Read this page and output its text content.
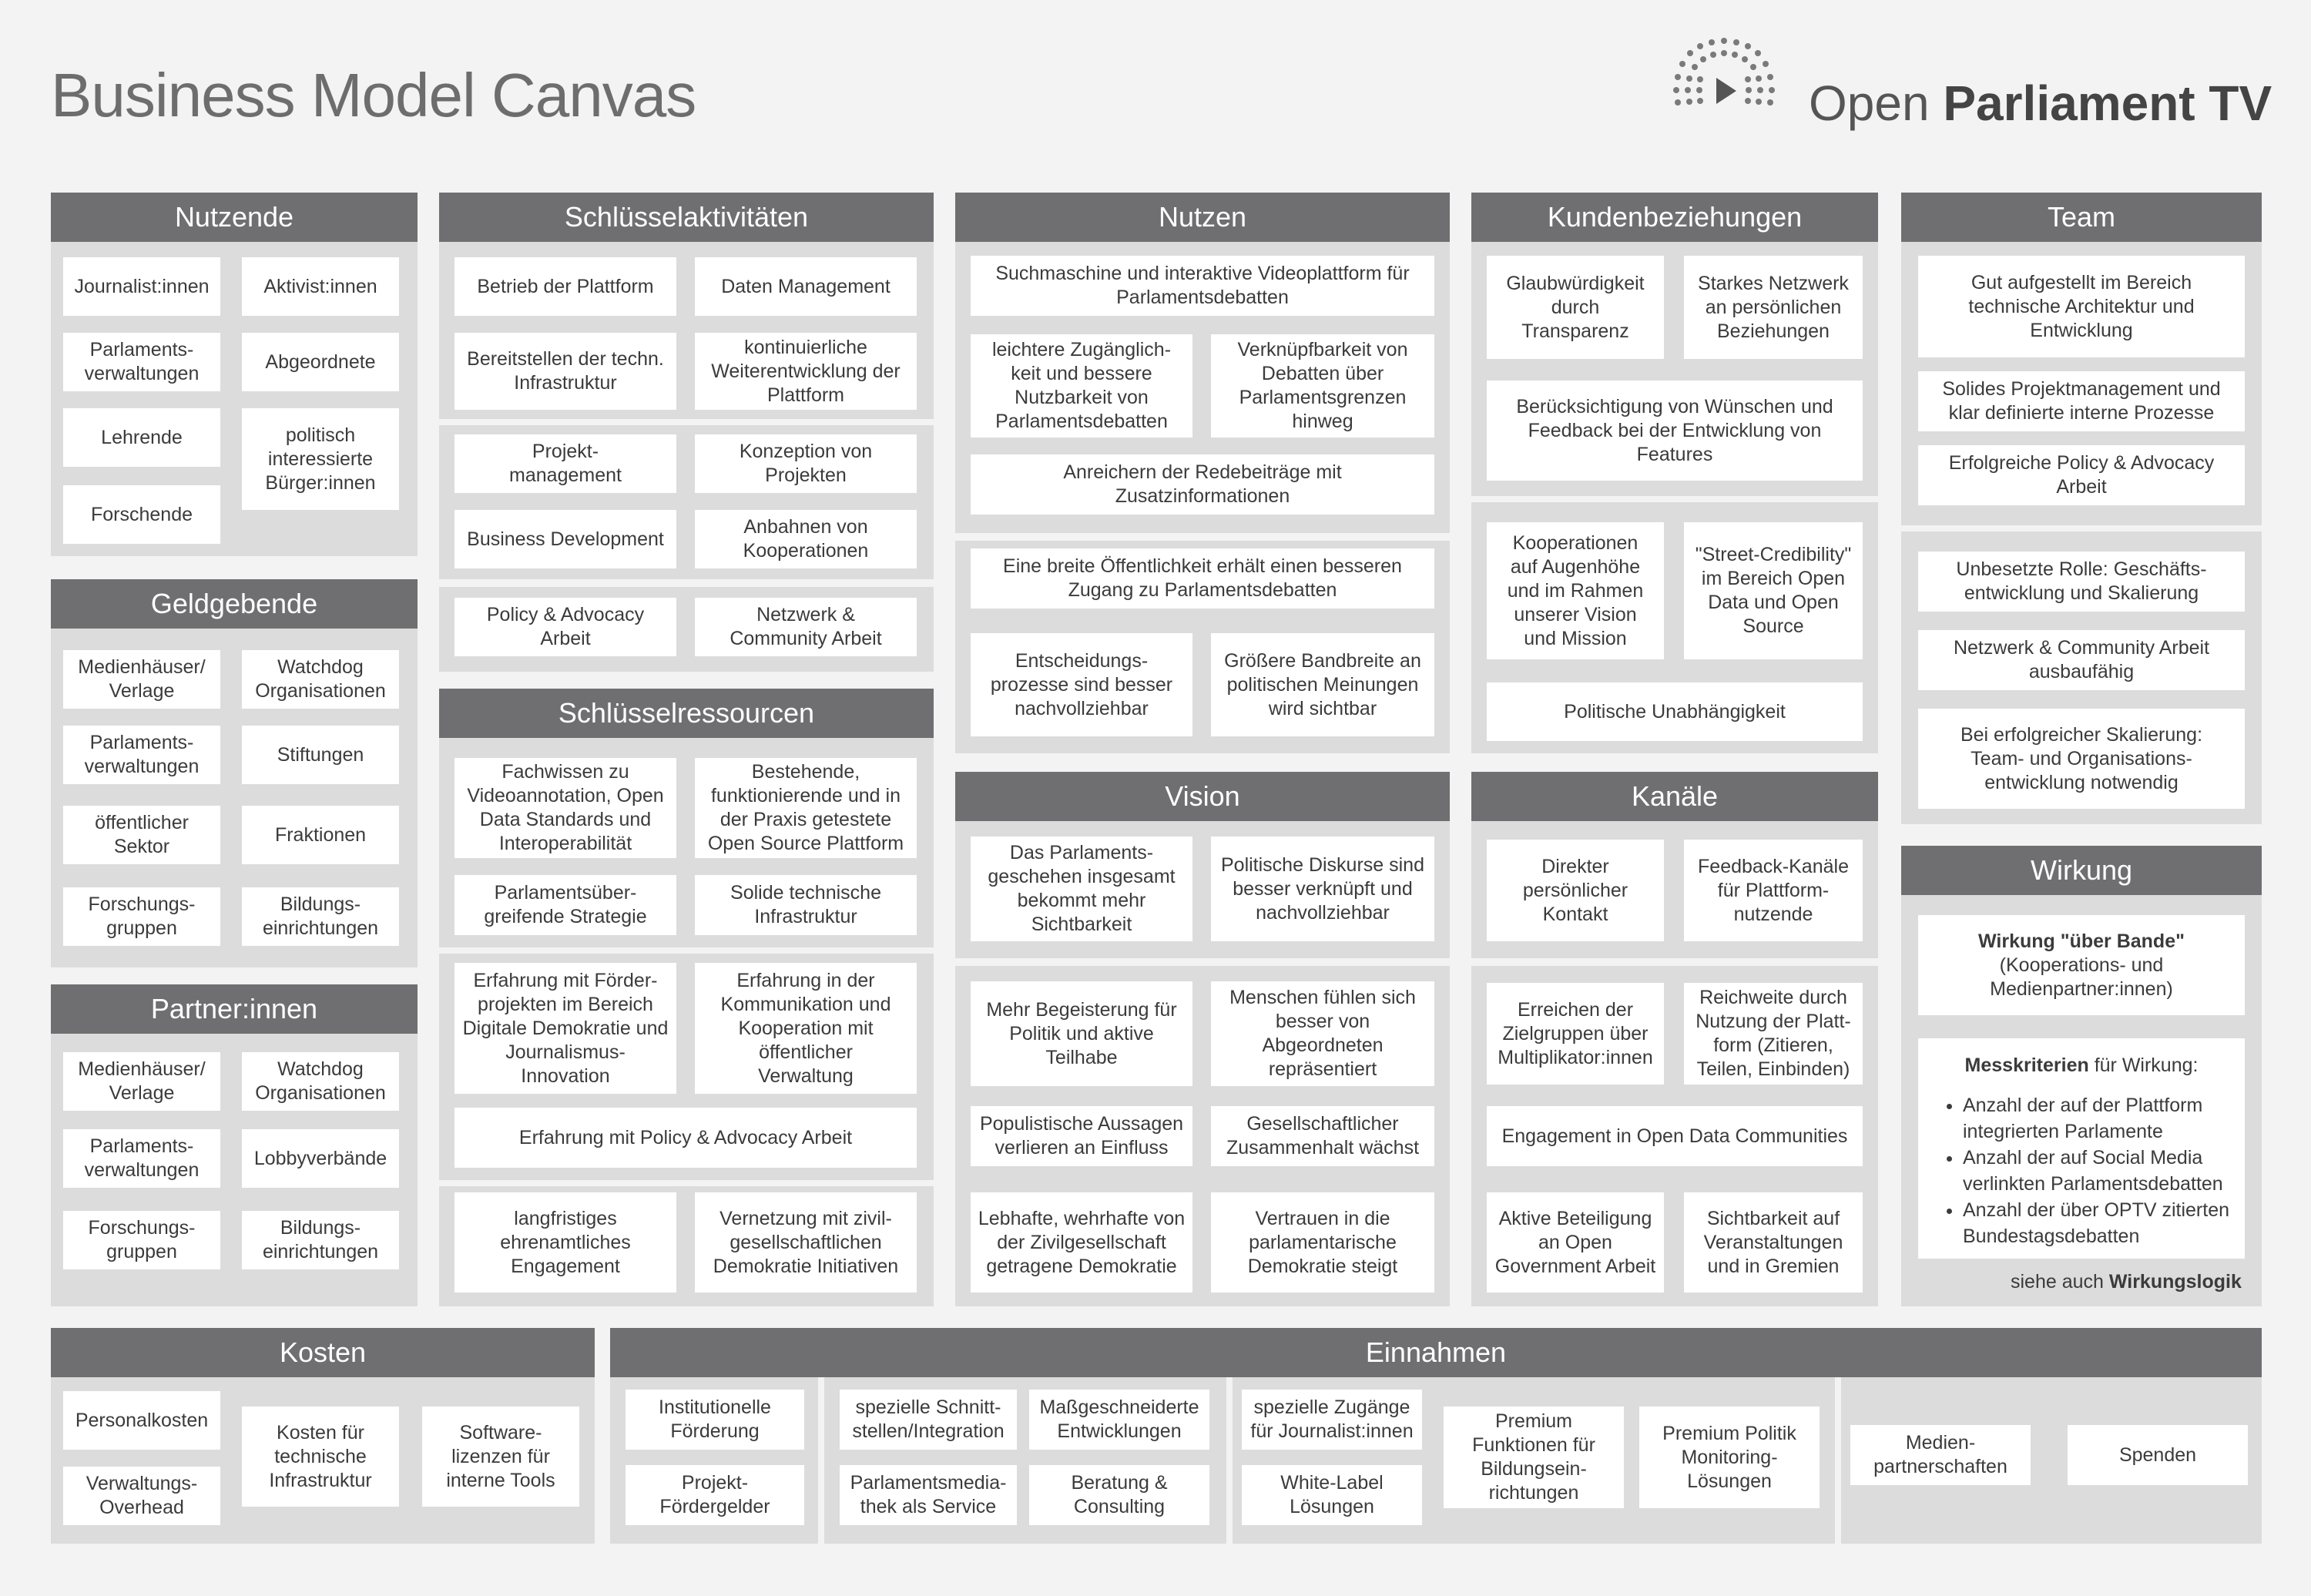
Business Model Canvas	Open Parliament TV
Nutzende
Journalist:innen	Aktivist:innen
Parlaments-
verwaltungen
Abgeordnete
Lehrende	politisch
interessierte
Bürger:innen
Forschende
Geldgebende
Medienhäuser/
Verlage
Watchdog
Organisationen
Parlaments-
verwaltungen
Stiftungen
öffentlicher
Sektor
Fraktionen
Forschungs-
gruppen
Bildungs-
einrichtungen
Partner:innen
Medienhäuser/
Verlage
Watchdog
Organisationen
Parlaments-
verwaltungen
Lobbyverbände
Forschungs-
gruppen
Bildungs-
einrichtungen
Schlüsselaktivitäten
Betrieb der Plattform	Daten Management
Bereitstellen der techn.
Infrastruktur
kontinuierliche
Weiterentwicklung der
Plattform
Projekt-
management
Konzeption von
Projekten
Business Development
Anbahnen von
Kooperationen
Policy & Advocacy
Arbeit
Netzwerk &
Community Arbeit
Schlüsselressourcen
Fachwissen zu
Videoannotation, Open
Data Standards und
Interoperabilität
Bestehende,
funktionierende und in
der Praxis getestete
Open Source Plattform
Parlamentsüber-
greifende Strategie
Solide technische
Infrastruktur
Erfahrung mit Förder-
projekten im Bereich
Digitale Demokratie und
Journalismus-
Innovation
Erfahrung in der
Kommunikation und
Kooperation mit
öffentlicher
Verwaltung
Erfahrung mit Policy & Advocacy Arbeit
langfristiges
ehrenamtliches
Engagement
Vernetzung mit zivil-
gesellschaftlichen
Demokratie Initiativen
Nutzen
Suchmaschine und interaktive Videoplattform für
Parlamentsdebatten
leichtere Zugänglich-
keit und bessere
Nutzbarkeit von
Parlamentsdebatten
Verknüpfbarkeit von
Debatten über
Parlamentsgrenzen
hinweg
Anreichern der Redebeiträge mit
Zusatzinformationen
Eine breite Öffentlichkeit erhält einen besseren
Zugang zu Parlamentsdebatten
Entscheidungs-
prozesse sind besser
nachvollziehbar
Größere Bandbreite an
politischen Meinungen
wird sichtbar
Vision
Das Parlaments-
geschehen insgesamt
bekommt mehr
Sichtbarkeit
Politische Diskurse sind
besser verknüpft und
nachvollziehbar
Mehr Begeisterung für
Politik und aktive
Teilhabe
Menschen fühlen sich
besser von
Abgeordneten
repräsentiert
Populistische Aussagen
verlieren an Einfluss
Gesellschaftlicher
Zusammenhalt wächst
Lebhafte, wehrhafte von
der Zivilgesellschaft
getragene Demokratie
Vertrauen in die
parlamentarische
Demokratie steigt
Kundenbeziehungen
Glaubwürdigkeit
durch
Transparenz
Starkes Netzwerk
an persönlichen
Beziehungen
Berücksichtigung von Wünschen und
Feedback bei der Entwicklung von
Features
Kooperationen
auf Augenhöhe
und im Rahmen
unserer Vision
und Mission
"Street-Credibility"
im Bereich Open
Data und Open
Source
Politische Unabhängigkeit
Kanäle
Direkter
persönlicher
Kontakt
Feedback-Kanäle
für Plattform-
nutzende
Erreichen der
Zielgruppen über
Multiplikator:innen
Reichweite durch
Nutzung der Platt-
form (Zitieren,
Teilen, Einbinden)
Engagement in Open Data Communities
Aktive Beteiligung
an Open
Government Arbeit
Sichtbarkeit auf
Veranstaltungen
und in Gremien
Team
Gut aufgestellt im Bereich
technische Architektur und
Entwicklung
Solides Projektmanagement und
klar definierte interne Prozesse
Erfolgreiche Policy & Advocacy
Arbeit
Unbesetzte Rolle: Geschäfts-
entwicklung und Skalierung
Netzwerk & Community Arbeit
ausbaufähig
Bei erfolgreicher Skalierung:
Team- und Organisations-
entwicklung notwendig
Wirkung
Wirkung "über Bande"
(Kooperations- und
Medienpartner:innen)
Messkriterien für Wirkung:
• Anzahl der auf der Plattform integrierten Parlamente
• Anzahl der auf Social Media verlinkten Parlamentsdebatten
• Anzahl der über OPTV zitierten Bundestagsdebatten
siehe auch Wirkungslogik
Kosten
Personalkosten
Verwaltungs-
Overhead
Kosten für
technische
Infrastruktur
Software-
lizenzen für
interne Tools
Einnahmen
Institutionelle
Förderung
Projekt-
Fördergelder
spezielle Schnitt-
stellen/Integration
Maßgeschneiderte
Entwicklungen
Parlamentsmedia-
thek als Service
Beratung &
Consulting
spezielle Zugänge
für Journalist:innen
White-Label
Lösungen
Premium
Funktionen für
Bildungsein-
richtungen
Premium Politik
Monitoring-
Lösungen
Medien-
partnerschaften
Spenden
